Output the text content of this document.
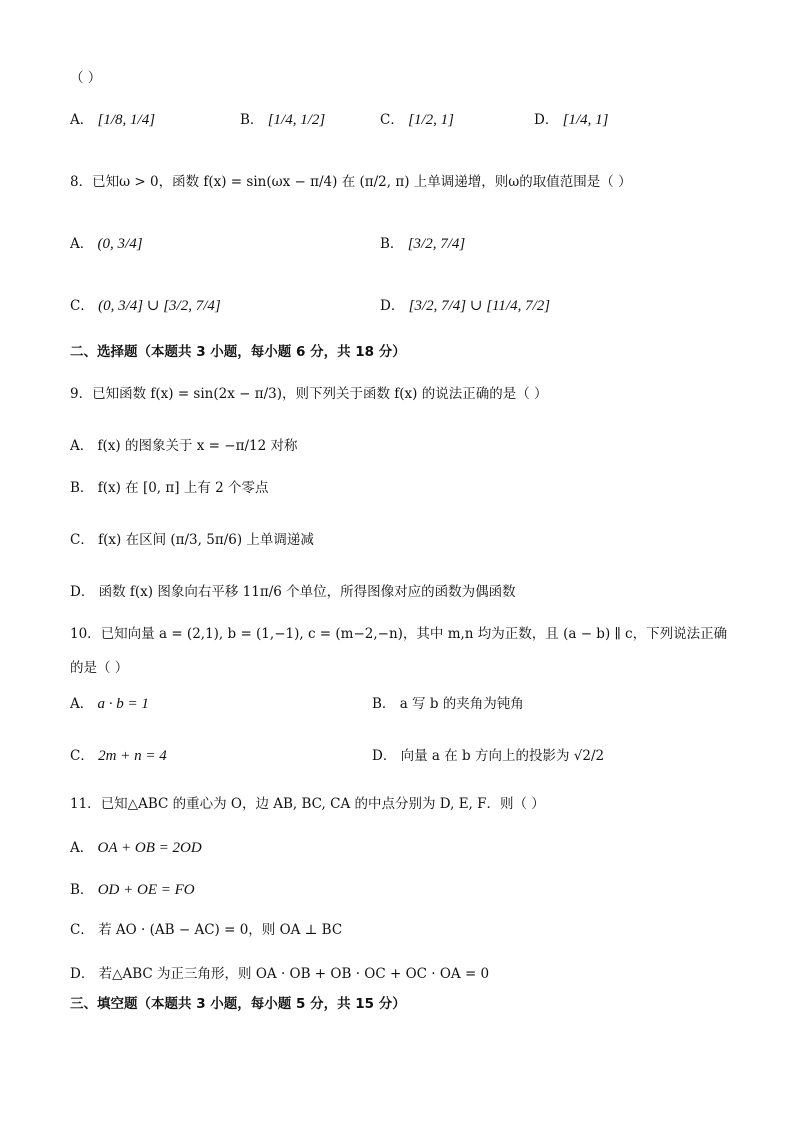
（ ）
A． [1/8, 1/4]	B． [1/4, 1/2]	C． [1/2, 1]	D． [1/4, 1]
8．已知ω > 0，函数 f(x) = sin(ωx − π/4) 在 (π/2, π) 上单调递增，则ω的取值范围是（ ）
A． (0, 3/4]	B． [3/2, 7/4]
C． (0, 3/4] ∪ [3/2, 7/4]	D． [3/2, 7/4] ∪ [11/4, 7/2]
二、选择题（本题共 3 小题，每小题 6 分，共 18 分）
9．已知函数 f(x) = sin(2x − π/3)，则下列关于函数 f(x) 的说法正确的是（ ）
A． f(x) 的图象关于 x = −π/12 对称
B． f(x) 在 [0, π] 上有 2 个零点
C． f(x) 在区间 (π/3, 5π/6) 上单调递减
D． 函数 f(x) 图象向右平移 11π/6 个单位，所得图像对应的函数为偶函数
10．已知向量 a = (2,1), b = (1,−1), c = (m−2,−n)，其中 m,n 均为正数，且 (a − b) ∥ c，下列说法正确
的是（ ）
A． a · b = 1	B． a 写 b 的夹角为钝角
C． 2m + n = 4	D． 向量 a 在 b 方向上的投影为 √2/2
11．已知△ABC 的重心为 O，边 AB, BC, CA 的中点分别为 D, E, F．则（ ）
A． OA + OB = 2OD
B． OD + OE = FO
C． 若 AO · (AB − AC) = 0，则 OA ⊥ BC
D． 若△ABC 为正三角形，则 OA · OB + OB · OC + OC · OA = 0
三、填空题（本题共 3 小题，每小题 5 分，共 15 分）
